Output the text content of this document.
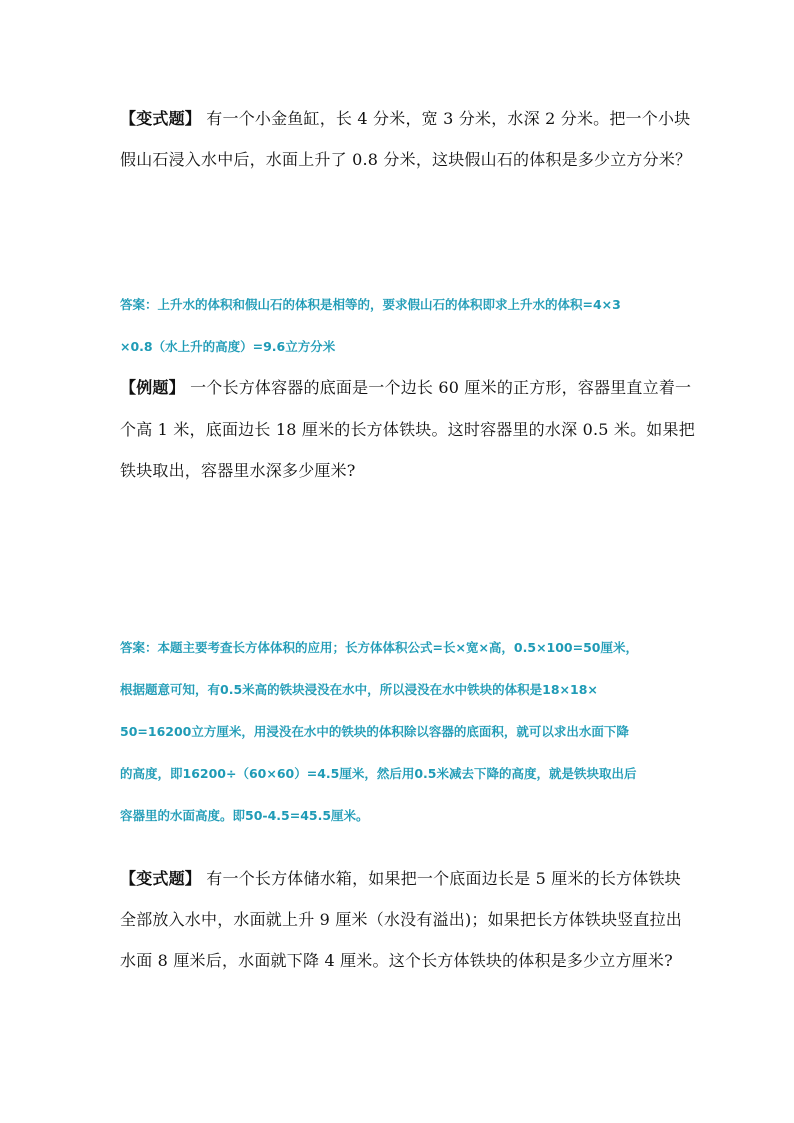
【变式题】 有一个小金鱼缸，长 4 分米，宽 3 分米，水深 2 分米。把一个小块

假山石浸入水中后，水面上升了 0.8 分米，这块假山石的体积是多少立方分米？

答案：上升水的体积和假山石的体积是相等的，要求假山石的体积即求上升水的体积=4×3

×0.8（水上升的高度）=9.6立方分米

【例题】 一个长方体容器的底面是一个边长 60 厘米的正方形，容器里直立着一

个高 1 米，底面边长 18 厘米的长方体铁块。这时容器里的水深 0.5 米。如果把

铁块取出，容器里水深多少厘米?

答案：本题主要考查长方体体积的应用；长方体体积公式=长×宽×高，0.5×100=50厘米，

根据题意可知，有0.5米高的铁块浸没在水中，所以浸没在水中铁块的体积是18×18×

50=16200立方厘米，用浸没在水中的铁块的体积除以容器的底面积，就可以求出水面下降

的高度，即16200÷（60×60）=4.5厘米，然后用0.5米减去下降的高度，就是铁块取出后

容器里的水面高度。即50-4.5=45.5厘米。

【变式题】 有一个长方体储水箱，如果把一个底面边长是 5 厘米的长方体铁块

全部放入水中，水面就上升 9 厘米（水没有溢出)；如果把长方体铁块竖直拉出

水面 8 厘米后，水面就下降 4 厘米。这个长方体铁块的体积是多少立方厘米?
